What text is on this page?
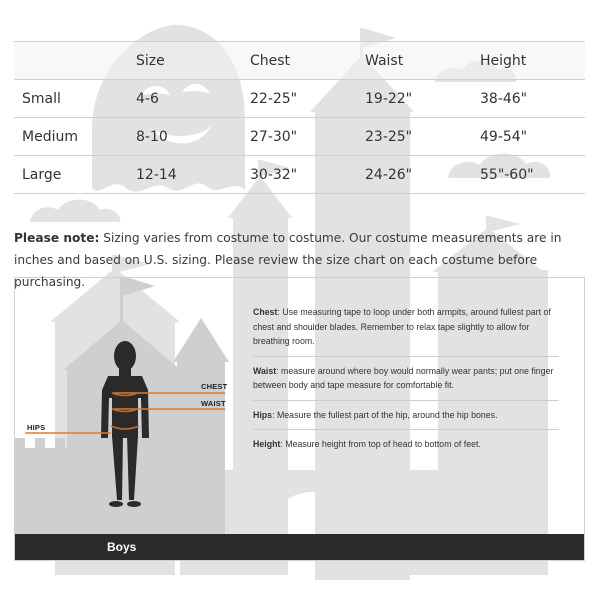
	Size	Chest	Waist	Height
Small	4-6	22-25"	19-22"	38-46"
Medium	8-10	27-30"	23-25"	49-54"
Large	12-14	30-32"	24-26"	55"-60"

Please note: Sizing varies from costume to costume. Our costume measurements are in inches and based on U.S. sizing. Please review the size chart on each costume before purchasing.

CHEST
WAIST
HIPS
Chest: Use measuring tape to loop under both armpits, around fullest part of chest and shoulder blades. Remember to relax tape slightly to allow for breathing room.
Waist: measure around where boy would normally wear pants; put one finger between body and tape measure for comfortable fit.
Hips: Measure the fullest part of the hip, around the hip bones.
Height: Measure height from top of head to bottom of feet.
Boys
